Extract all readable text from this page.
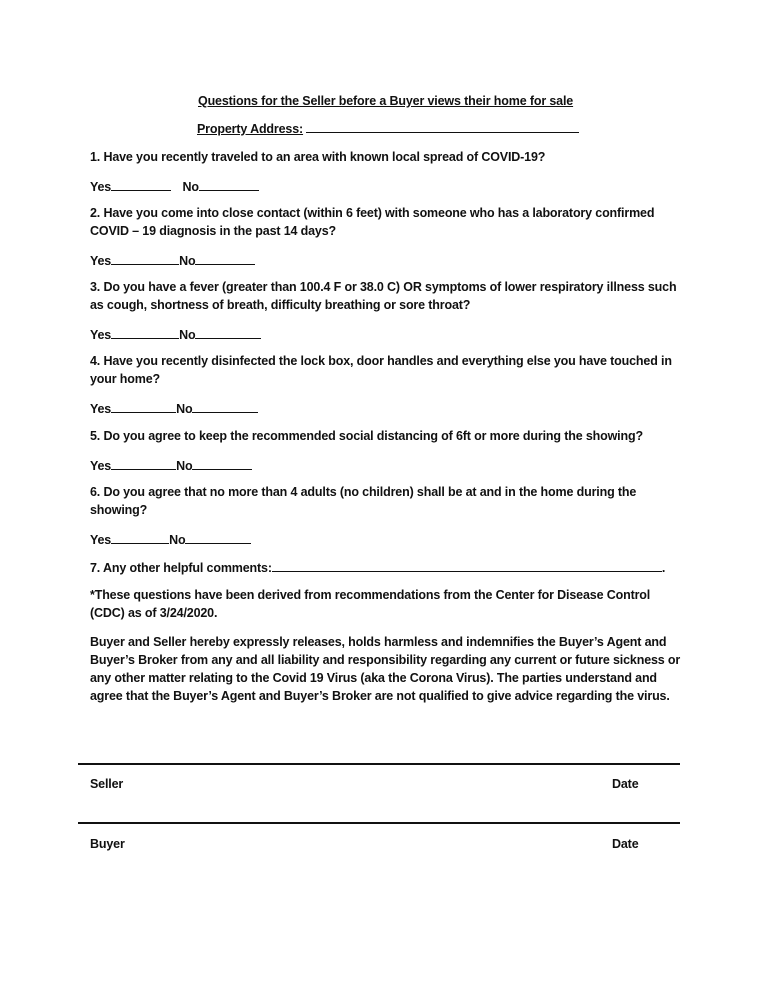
Questions for the Seller before a Buyer views their home for sale
Property Address:
1. Have you recently traveled to an area with known local spread of COVID-19?
Yes	No
2. Have you come into close contact (within 6 feet) with someone who has a laboratory confirmed
COVID – 19 diagnosis in the past 14 days?
Yes	No
3. Do you have a fever (greater than 100.4 F or 38.0 C) OR symptoms of lower respiratory illness such
as cough, shortness of breath, difficulty breathing or sore throat?
Yes	No
4. Have you recently disinfected the lock box, door handles and everything else you have touched in
your home?
Yes	No
5. Do you agree to keep the recommended social distancing of 6ft or more during the showing?
Yes	No
6. Do you agree that no more than 4 adults (no children) shall be at and in the home during the
showing?
Yes	No
7. Any other helpful comments:	.
*These questions have been derived from recommendations from the Center for Disease Control
(CDC) as of 3/24/2020.
Buyer and Seller hereby expressly releases, holds harmless and indemnifies the Buyer’s Agent and
Buyer’s Broker from any and all liability and responsibility regarding any current or future sickness or
any other matter relating to the Covid 19 Virus (aka the Corona Virus). The parties understand and
agree that the Buyer’s Agent and Buyer’s Broker are not qualified to give advice regarding the virus.
Seller	Date
Buyer	Date
